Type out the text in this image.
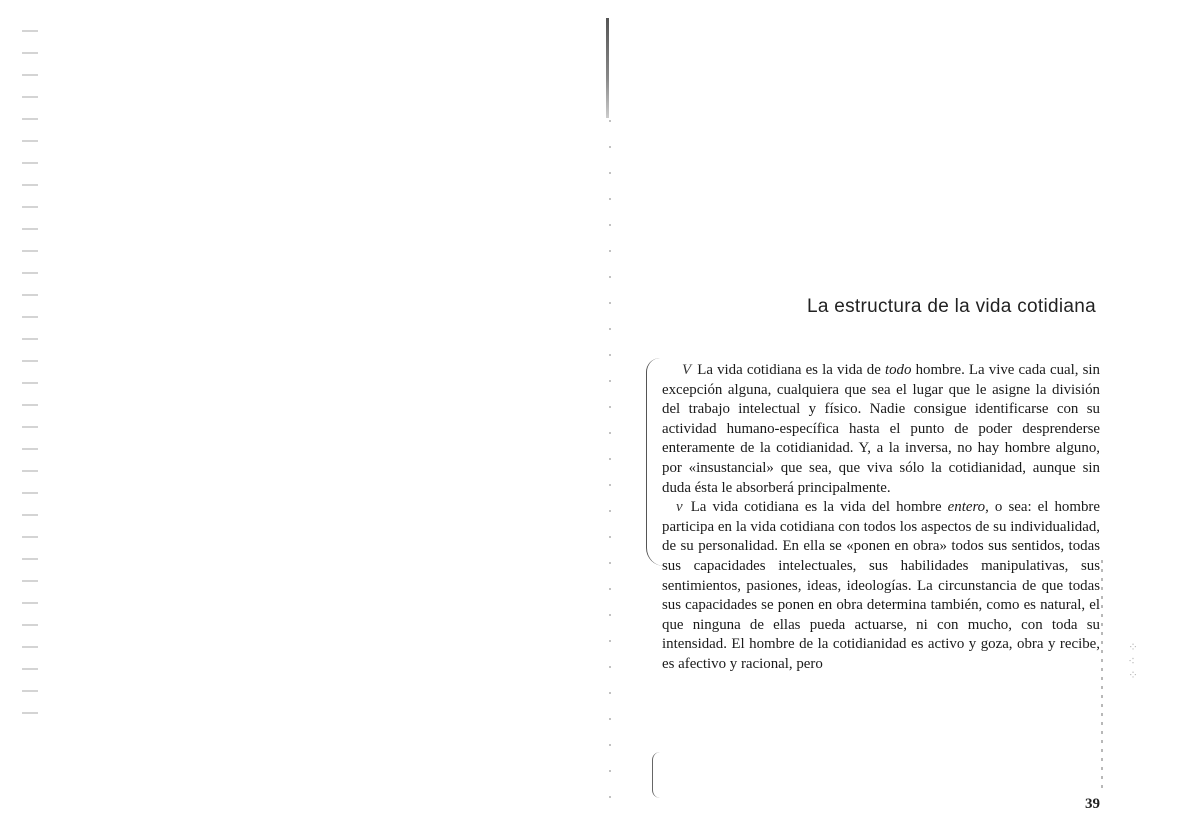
La estructura de la vida cotidiana
⁘
⁖
⁘

V La vida cotidiana es la vida de todo hombre. La vive cada cual, sin excepción alguna, cualquiera que sea el lugar que le asigne la división del trabajo intelectual y físico. Nadie consigue identificarse con su actividad humano-específica hasta el punto de poder desprenderse enteramente de la cotidianidad. Y, a la inversa, no hay hombre alguno, por «insustancial» que sea, que viva sólo la cotidianidad, aunque sin duda ésta le absorberá principalmente.

v La vida cotidiana es la vida del hombre entero, o sea: el hombre participa en la vida cotidiana con todos los aspectos de su individualidad, de su personalidad. En ella se «ponen en obra» todos sus sentidos, todas sus capacidades intelectuales, sus habilidades manipulativas, sus sentimientos, pasiones, ideas, ideologías. La circunstancia de que todas sus capacidades se ponen en obra determina también, como es natural, el que ninguna de ellas pueda actuarse, ni con mucho, con toda su intensidad. El hombre de la cotidianidad es activo y goza, obra y recibe, es afectivo y racional, pero

39
